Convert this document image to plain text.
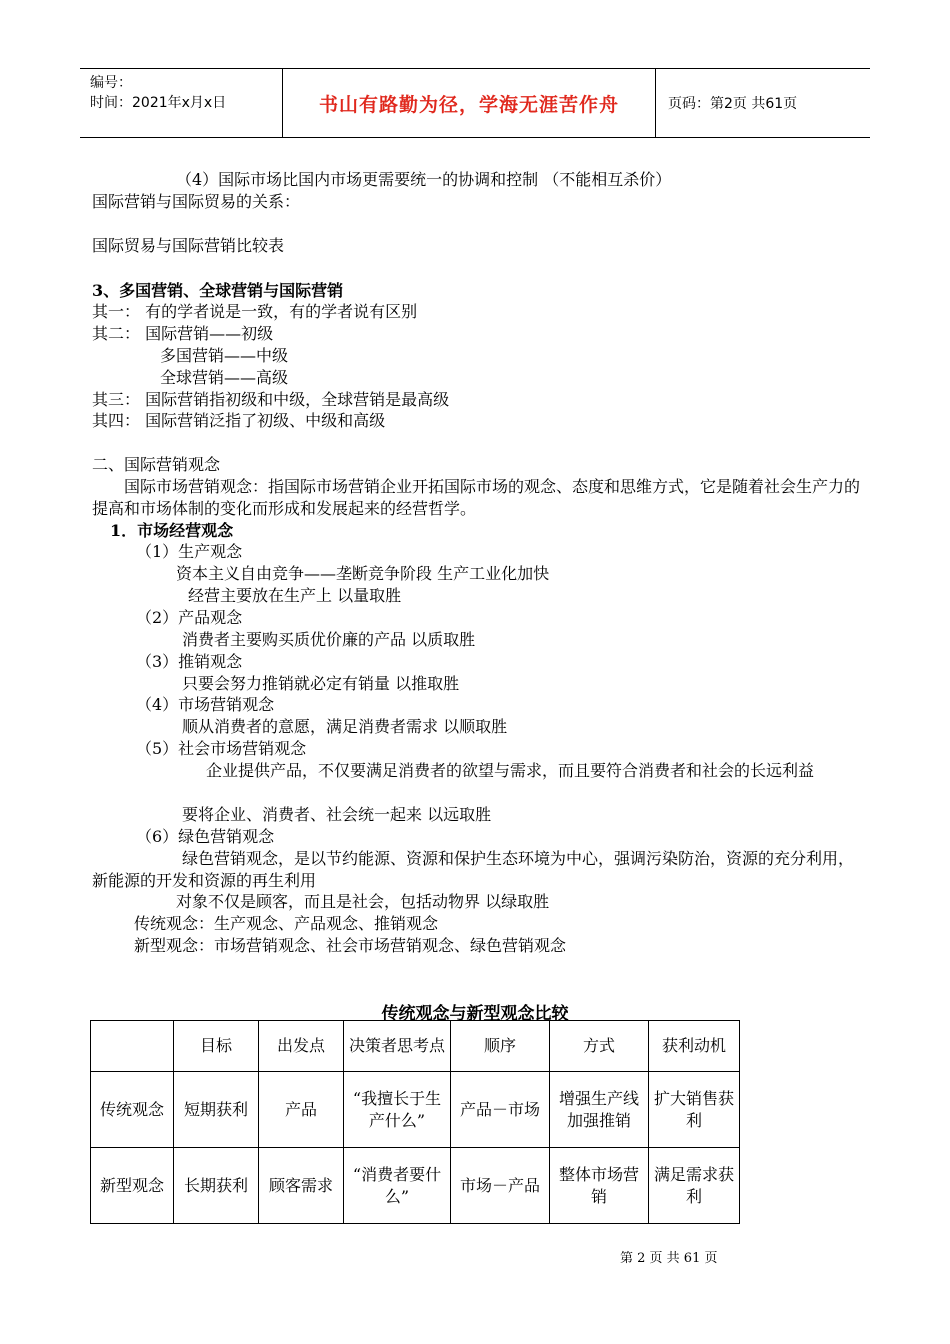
编号：
时间：2021年x月x日	书山有路勤为径，学海无涯苦作舟	页码：第2页 共61页
（4）国际市场比国内市场更需要统一的协调和控制 （不能相互杀价）
国际营销与国际贸易的关系：
国际贸易与国际营销比较表
3、多国营销、全球营销与国际营销
其一： 有的学者说是一致，有的学者说有区别
其二： 国际营销——初级
多国营销——中级
全球营销——高级
其三： 国际营销指初级和中级，全球营销是最高级
其四： 国际营销泛指了初级、中级和高级
二、国际营销观念
国际市场营销观念：指国际市场营销企业开拓国际市场的观念、态度和思维方式，它是随着社会生产力的提高和市场体制的变化而形成和发展起来的经营哲学。
1．市场经营观念
（1）生产观念
资本主义自由竞争——垄断竞争阶段 生产工业化加快
经营主要放在生产上 以量取胜
（2）产品观念
消费者主要购买质优价廉的产品 以质取胜
（3）推销观念
只要会努力推销就必定有销量 以推取胜
（4）市场营销观念
顺从消费者的意愿，满足消费者需求 以顺取胜
（5）社会市场营销观念
企业提供产品，不仅要满足消费者的欲望与需求，而且要符合消费者和社会的长远利益
要将企业、消费者、社会统一起来 以远取胜
（6）绿色营销观念
绿色营销观念，是以节约能源、资源和保护生态环境为中心，强调污染防治，资源的充分利用，新能源的开发和资源的再生利用
对象不仅是顾客，而且是社会，包括动物界 以绿取胜
传统观念：生产观念、产品观念、推销观念
新型观念：市场营销观念、社会市场营销观念、绿色营销观念
传统观念与新型观念比较
	目标	出发点	决策者思考点	顺序	方式	获利动机
传统观念	短期获利	产品	“我擅长于生产什么”	产品－市场	增强生产线加强推销	扩大销售获利
新型观念	长期获利	顾客需求	“消费者要什么”	市场－产品	整体市场营 销	满足需求获利
第 2 页 共 61 页
